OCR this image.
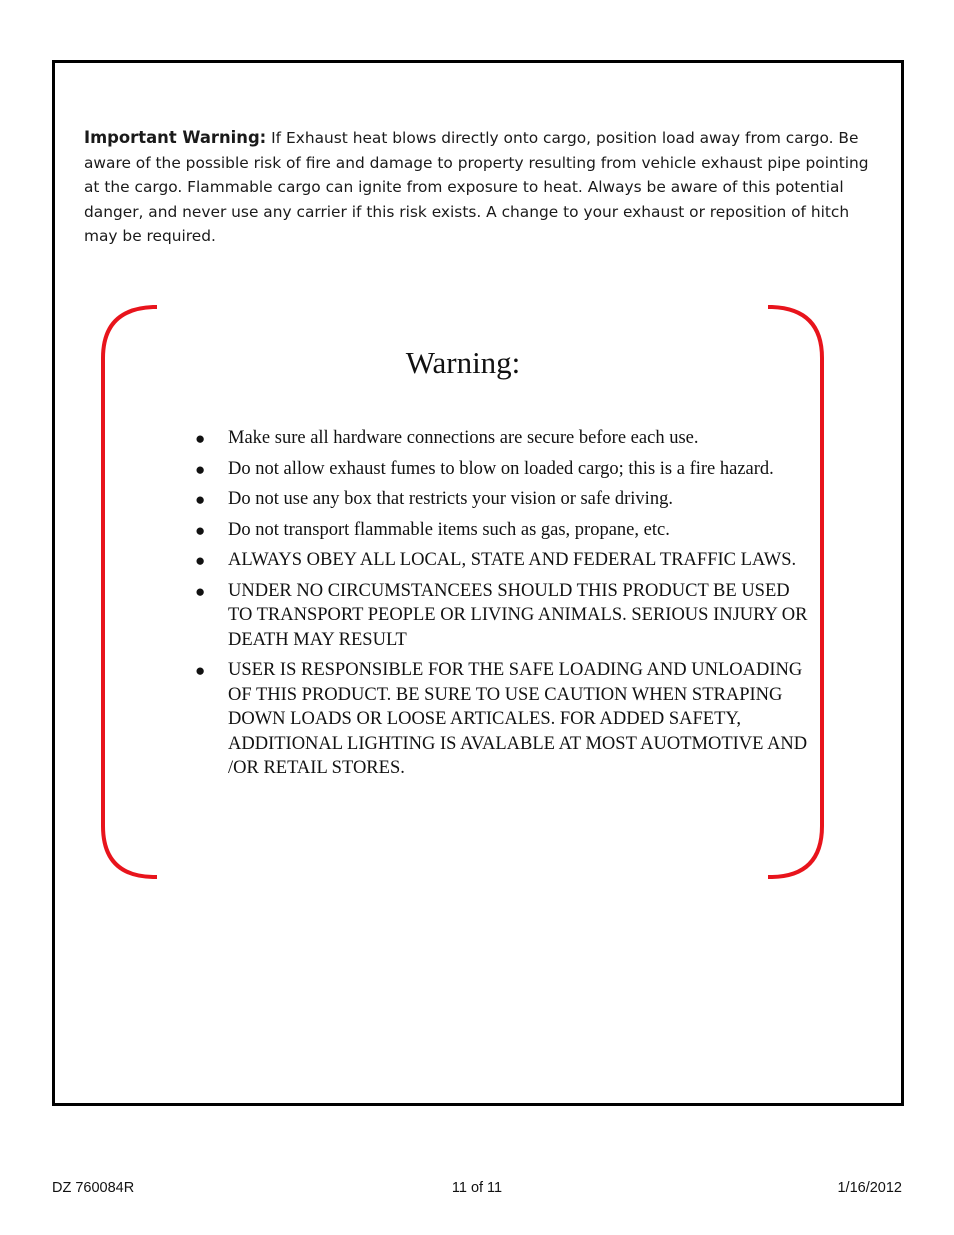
Important Warning: If Exhaust heat blows directly onto cargo, position load away from cargo. Be aware of the possible risk of fire and damage to property resulting from vehicle exhaust pipe pointing at the cargo. Flammable cargo can ignite from exposure to heat. Always be aware of this potential danger, and never use any carrier if this risk exists. A change to your exhaust or reposition of hitch may be required.

Warning:
● Make sure all hardware connections are secure before each use.
● Do not allow exhaust fumes to blow on loaded cargo; this is a fire hazard.
● Do not use any box that restricts your vision or safe driving.
● Do not transport flammable items such as gas, propane, etc.
● ALWAYS OBEY ALL LOCAL, STATE AND FEDERAL TRAFFIC LAWS.
● UNDER NO CIRCUMSTANCEES SHOULD THIS PRODUCT BE USED TO TRANSPORT PEOPLE OR LIVING ANIMALS. SERIOUS INJURY OR DEATH MAY RESULT
● USER IS RESPONSIBLE FOR THE SAFE LOADING AND UNLOADING OF THIS PRODUCT. BE SURE TO USE CAUTION WHEN STRAPING DOWN LOADS OR LOOSE ARTICALES. FOR ADDED SAFETY, ADDITIONAL LIGHTING IS AVALABLE AT MOST AUOTMOTIVE AND /OR RETAIL STORES.
DZ 760084R	11 of 11	1/16/2012
